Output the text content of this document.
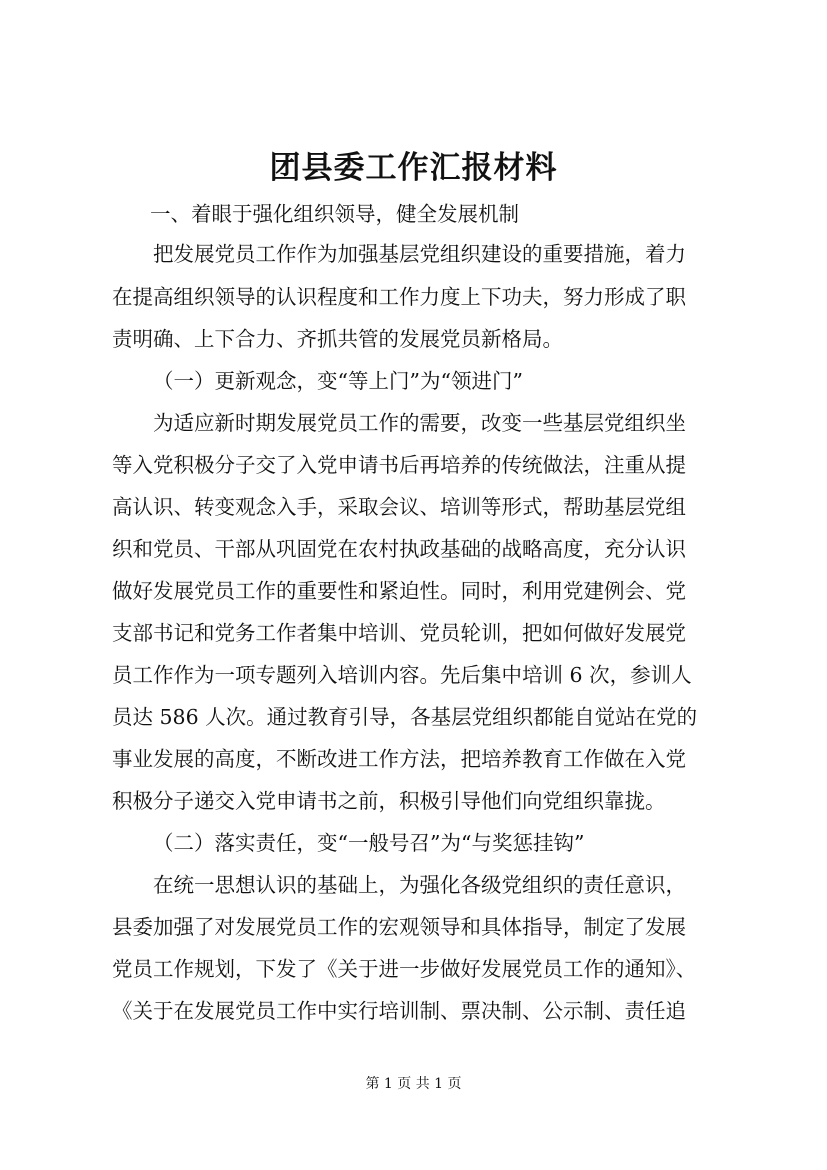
团县委工作汇报材料
一、着眼于强化组织领导，健全发展机制
把发展党员工作作为加强基层党组织建设的重要措施，着力
在提高组织领导的认识程度和工作力度上下功夫，努力形成了职
责明确、上下合力、齐抓共管的发展党员新格局。
（一）更新观念，变“等上门”为“领进门”
为适应新时期发展党员工作的需要，改变一些基层党组织坐
等入党积极分子交了入党申请书后再培养的传统做法，注重从提
高认识、转变观念入手，采取会议、培训等形式，帮助基层党组
织和党员、干部从巩固党在农村执政基础的战略高度，充分认识
做好发展党员工作的重要性和紧迫性。同时，利用党建例会、党
支部书记和党务工作者集中培训、党员轮训，把如何做好发展党
员工作作为一项专题列入培训内容。先后集中培训 6 次，参训人
员达 586 人次。通过教育引导，各基层党组织都能自觉站在党的
事业发展的高度，不断改进工作方法，把培养教育工作做在入党
积极分子递交入党申请书之前，积极引导他们向党组织靠拢。
（二）落实责任，变“一般号召”为“与奖惩挂钩”
在统一思想认识的基础上，为强化各级党组织的责任意识，
县委加强了对发展党员工作的宏观领导和具体指导，制定了发展
党员工作规划，下发了《关于进一步做好发展党员工作的通知》、
《关于在发展党员工作中实行培训制、票决制、公示制、责任追
第 1 页 共 1 页
